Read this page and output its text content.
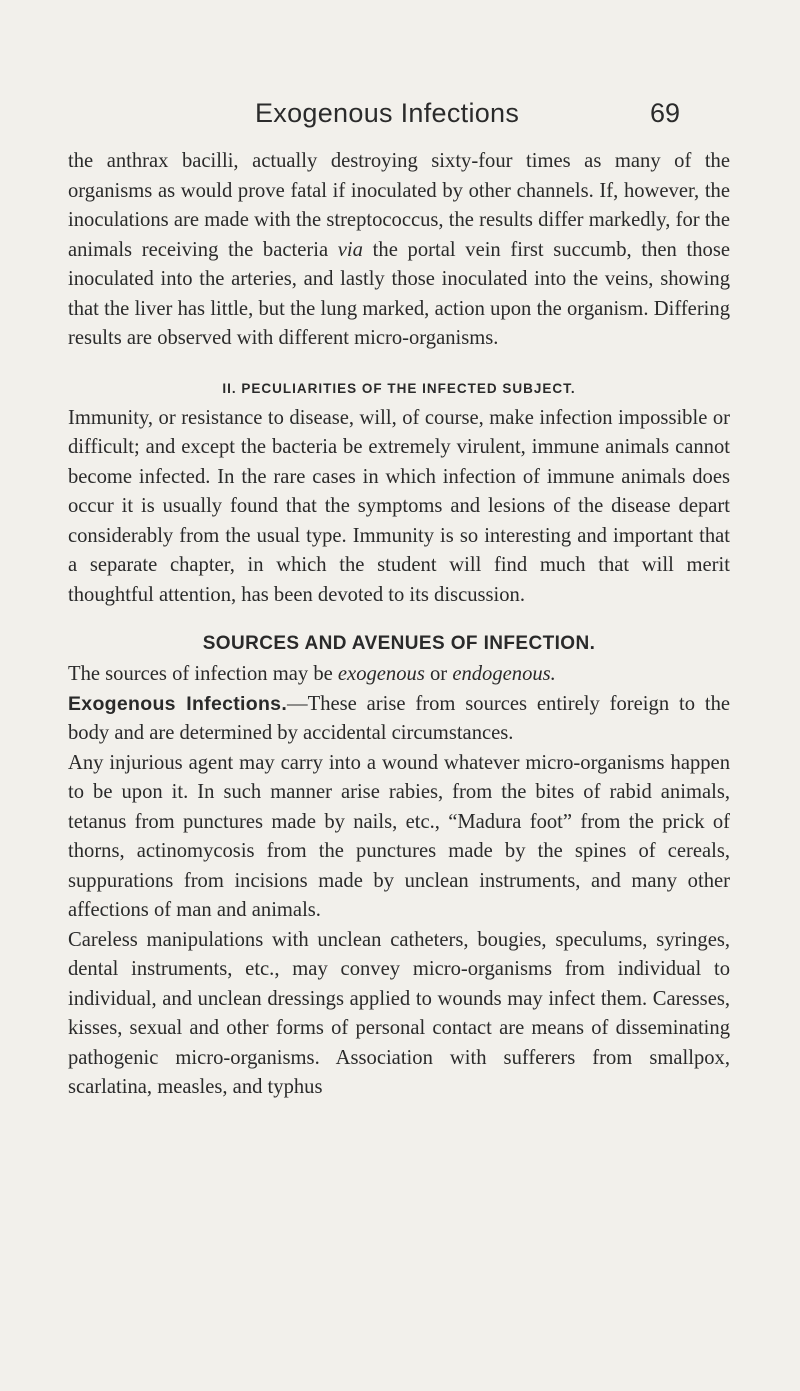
Exogenous Infections	69

the anthrax bacilli, actually destroying sixty-four times as many of the organisms as would prove fatal if inoculated by other channels. If, however, the inoculations are made with the streptococcus, the results differ markedly, for the animals receiving the bacteria via the portal vein first succumb, then those inoculated into the arteries, and lastly those inoculated into the veins, showing that the liver has little, but the lung marked, action upon the organism. Differing results are observed with different micro-organisms.

II. PECULIARITIES OF THE INFECTED SUBJECT.

Immunity, or resistance to disease, will, of course, make infection impossible or difficult; and except the bacteria be extremely virulent, immune animals cannot become infected. In the rare cases in which infection of immune animals does occur it is usually found that the symptoms and lesions of the disease depart considerably from the usual type. Immunity is so interesting and important that a separate chapter, in which the student will find much that will merit thoughtful attention, has been devoted to its discussion.

SOURCES AND AVENUES OF INFECTION.

The sources of infection may be exogenous or endogenous.

Exogenous Infections.—These arise from sources entirely foreign to the body and are determined by accidental circumstances.

Any injurious agent may carry into a wound whatever micro-organisms happen to be upon it. In such manner arise rabies, from the bites of rabid animals, tetanus from punctures made by nails, etc., “Madura foot” from the prick of thorns, actinomycosis from the punctures made by the spines of cereals, suppurations from incisions made by unclean instruments, and many other affections of man and animals.

Careless manipulations with unclean catheters, bougies, speculums, syringes, dental instruments, etc., may convey micro-organisms from individual to individual, and unclean dressings applied to wounds may infect them. Caresses, kisses, sexual and other forms of personal contact are means of disseminating pathogenic micro-organisms. Association with sufferers from smallpox, scarlatina, measles, and typhus
